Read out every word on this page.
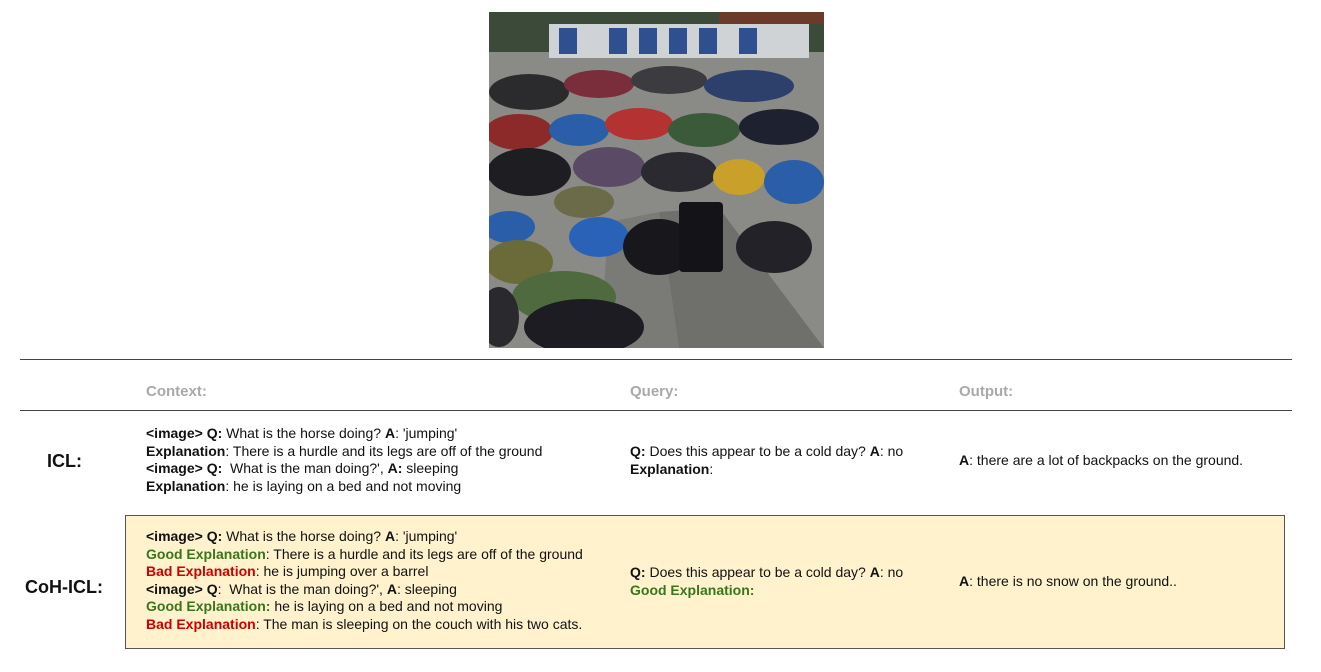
Context:	Query:	Output:
ICL:
<image> Q: What is the horse doing? A: 'jumping'
Explanation: There is a hurdle and its legs are off of the ground
<image> Q:  What is the man doing?', A: sleeping
Explanation: he is laying on a bed and not moving
Q: Does this appear to be a cold day? A: no
Explanation:
A: there are a lot of backpacks on the ground.
CoH-ICL:
<image> Q: What is the horse doing? A: 'jumping'
Good Explanation: There is a hurdle and its legs are off of the ground
Bad Explanation: he is jumping over a barrel
<image> Q:  What is the man doing?', A: sleeping
Good Explanation: he is laying on a bed and not moving
Bad Explanation: The man is sleeping on the couch with his two cats.
Q: Does this appear to be a cold day? A: no
Good Explanation:
A: there is no snow on the ground..
